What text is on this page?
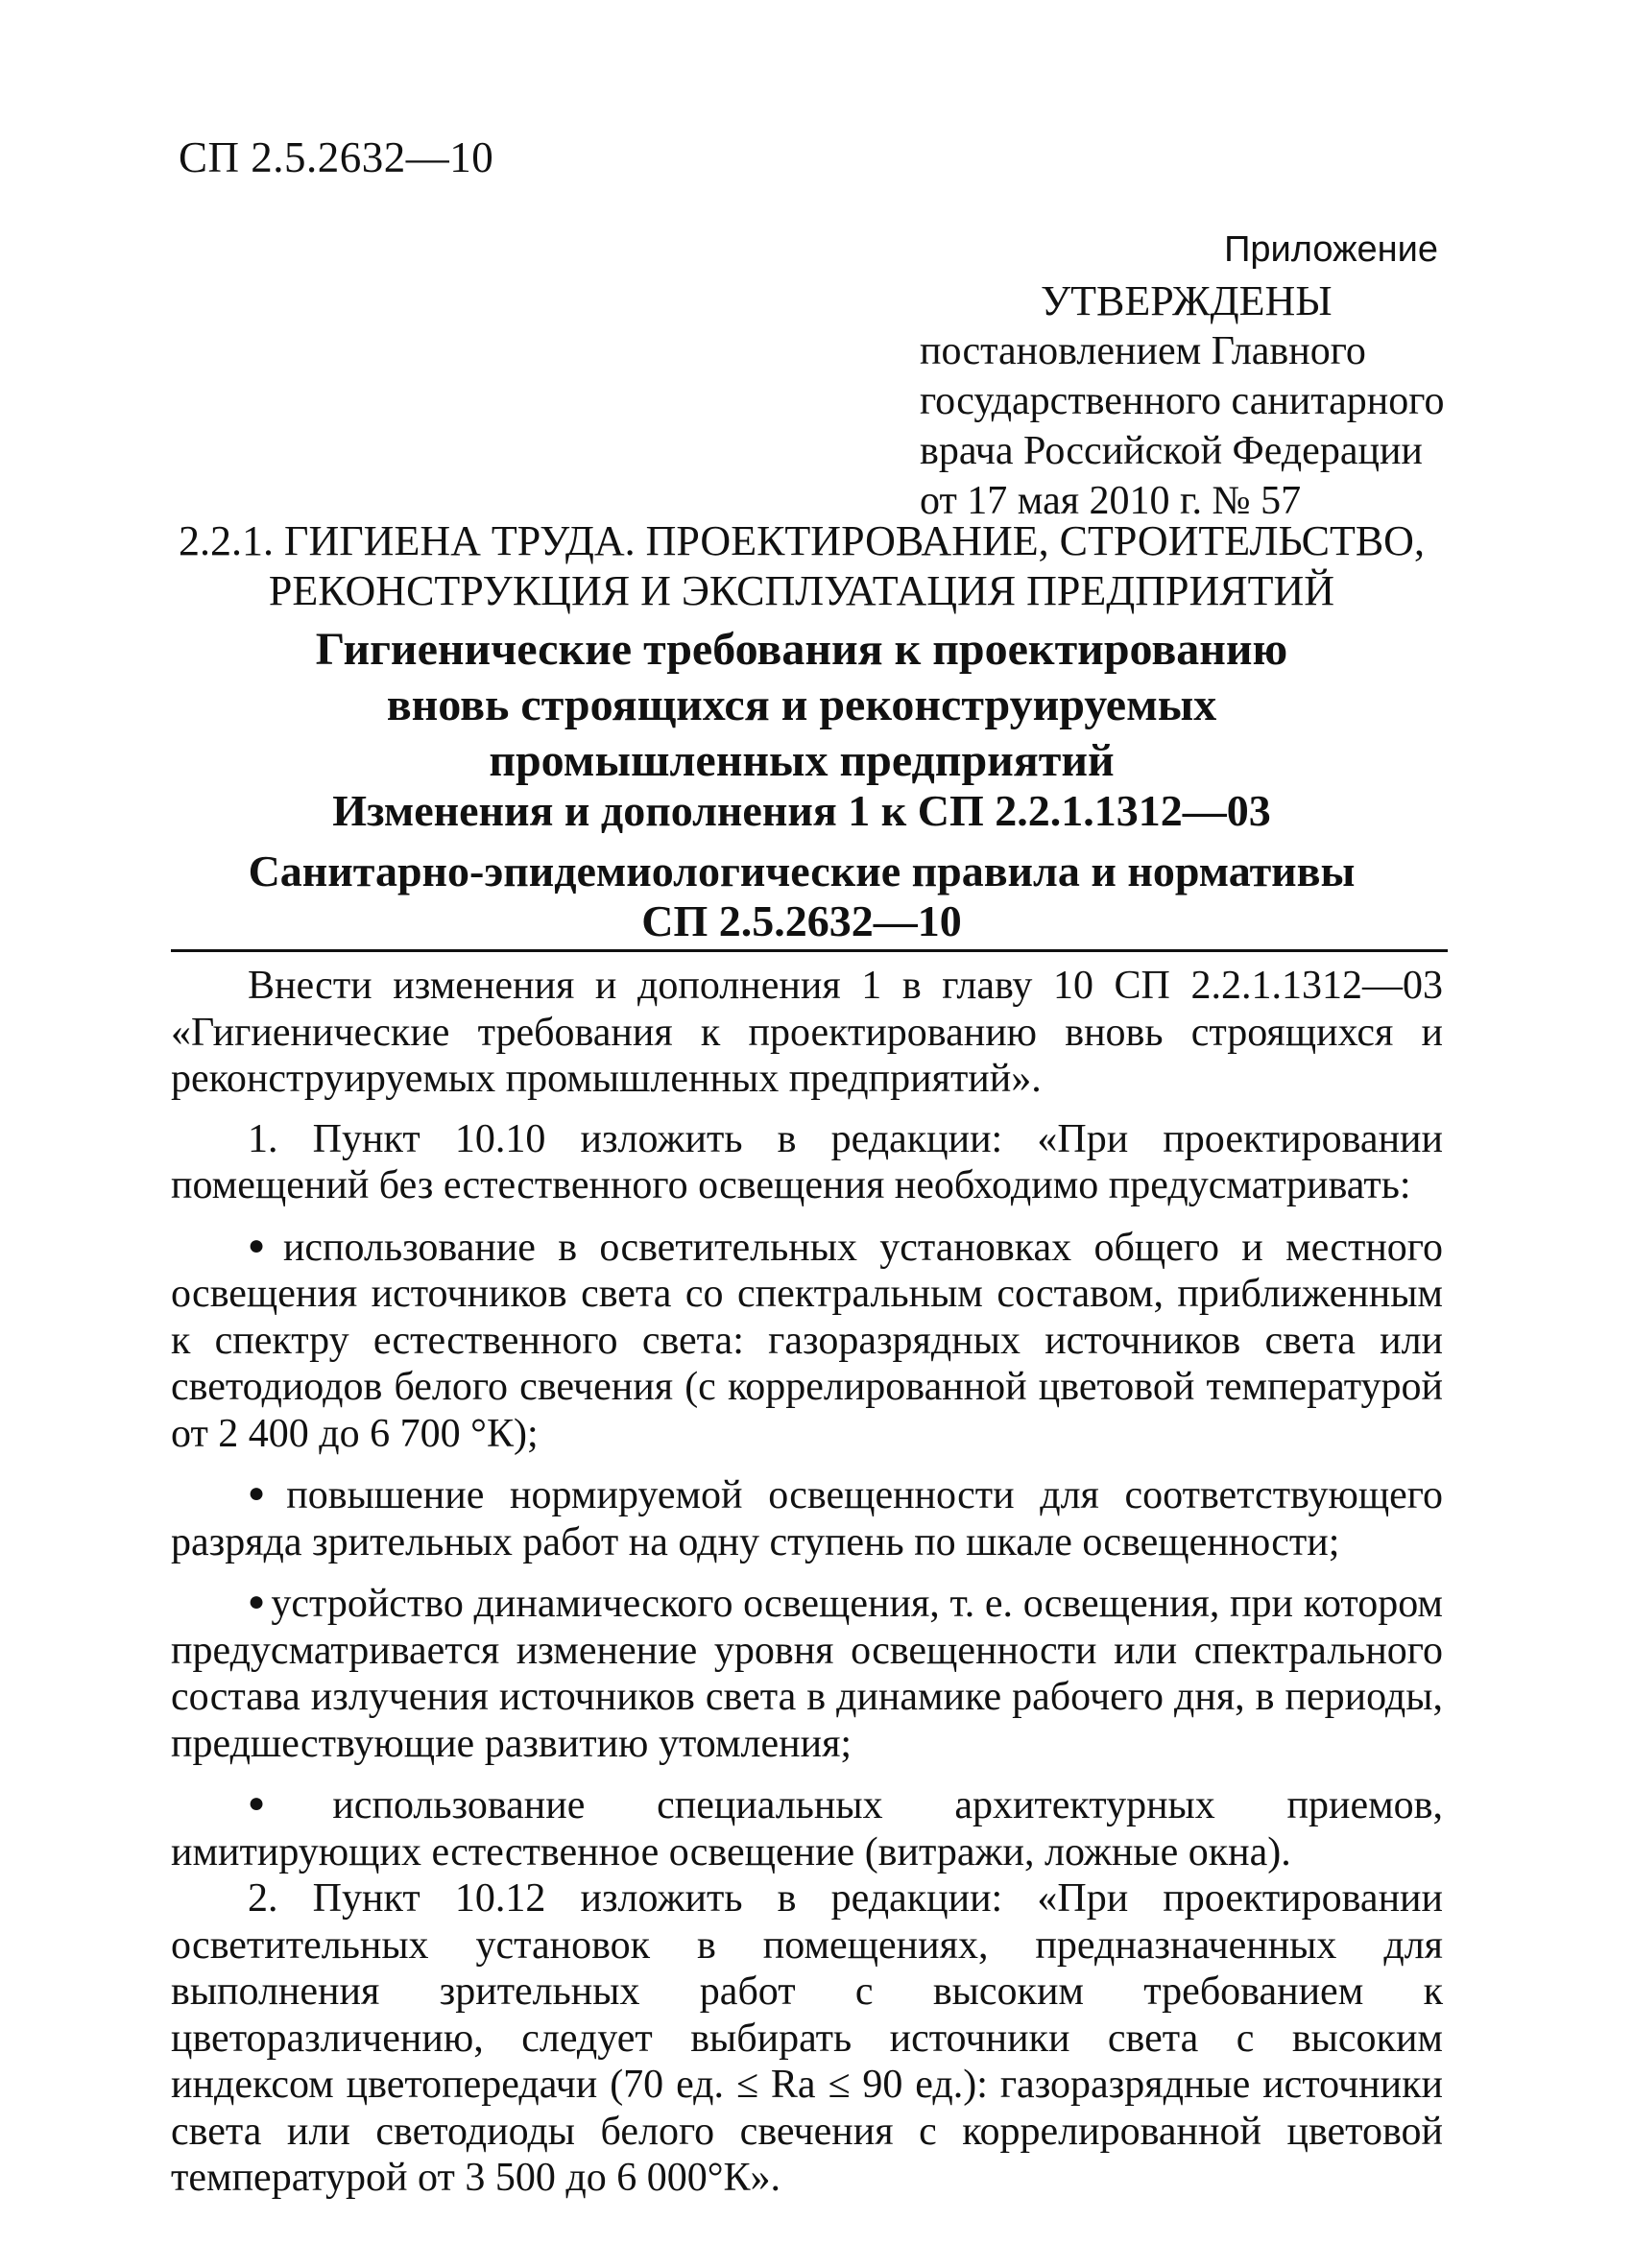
СП 2.5.2632—10
Приложение
УТВЕРЖДЕНЫ
постановлением Главного
государственного санитарного
врача Российской Федерации
от 17 мая 2010 г. № 57
2.2.1. ГИГИЕНА ТРУДА. ПРОЕКТИРОВАНИЕ, СТРОИТЕЛЬСТВО,
РЕКОНСТРУКЦИЯ И ЭКСПЛУАТАЦИЯ ПРЕДПРИЯТИЙ
Гигиенические требования к проектированию
вновь строящихся и реконструируемых
промышленных предприятий
Изменения и дополнения 1 к СП 2.2.1.1312—03
Санитарно-эпидемиологические правила и нормативы
СП 2.5.2632—10

Внести изменения и дополнения 1 в главу 10 СП 2.2.1.1312—03 «Гигиенические требования к проектированию вновь строящихся и реконструируемых промышленных предприятий».

1. Пункт 10.10 изложить в редакции: «При проектировании помещений без естественного освещения необходимо предусматривать:

● использование в осветительных установках общего и местного освещения источников света со спектральным составом, приближенным к спектру естественного света: газоразрядных источников света или светодиодов белого свечения (с коррелированной цветовой температурой от 2 400 до 6 700 °К);

● повышение нормируемой освещенности для соответствующего разряда зрительных работ на одну ступень по шкале освещенности;

● устройство динамического освещения, т. е. освещения, при котором предусматривается изменение уровня освещенности или спектрального состава излучения источников света в динамике рабочего дня, в периоды, предшествующие развитию утомления;

● использование специальных архитектурных приемов, имитирующих естественное освещение (витражи, ложные окна).

2. Пункт 10.12 изложить в редакции: «При проектировании осветительных установок в помещениях, предназначенных для выполнения зрительных работ с высоким требованием к цветоразличению, следует выбирать источники света с высоким индексом цветопередачи (70 ед. ≤ Ra ≤ 90 ед.): газоразрядные источники света или светодиоды белого свечения с коррелированной цветовой температурой от 3 500 до 6 000°К».
